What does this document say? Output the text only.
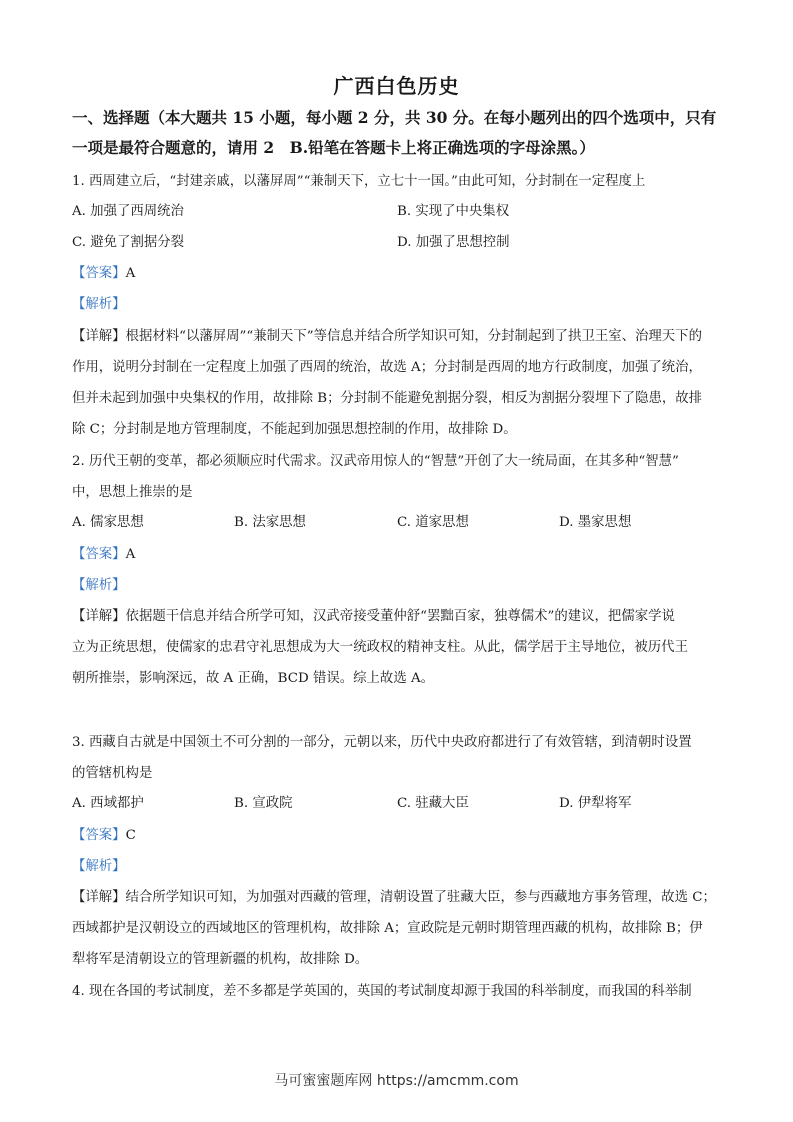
广西白色历史
一、选择题（本大题共 15 小题，每小题 2 分，共 30 分。在每小题列出的四个选项中，只有
一项是最符合题意的，请用 2　B.铅笔在答题卡上将正确选项的字母涂黑。）
1. 西周建立后，“封建亲戚，以藩屏周”“兼制天下，立七十一国。”由此可知，分封制在一定程度上
A. 加强了西周统治	B. 实现了中央集权
C. 避免了割据分裂	D. 加强了思想控制
【答案】A
【解析】
【详解】根据材料“以藩屏周”“兼制天下”等信息并结合所学知识可知，分封制起到了拱卫王室、治理天下的
作用，说明分封制在一定程度上加强了西周的统治，故选 A；分封制是西周的地方行政制度，加强了统治，
但并未起到加强中央集权的作用，故排除 B；分封制不能避免割据分裂，相反为割据分裂埋下了隐患，故排
除 C；分封制是地方管理制度，不能起到加强思想控制的作用，故排除 D。
2. 历代王朝的变革，都必须顺应时代需求。汉武帝用惊人的“智慧”开创了大一统局面，在其多种“智慧”
中，思想上推崇的是
A. 儒家思想	B. 法家思想	C. 道家思想	D. 墨家思想
【答案】A
【解析】
【详解】依据题干信息并结合所学可知，汉武帝接受董仲舒“罢黜百家，独尊儒术”的建议，把儒家学说
立为正统思想，使儒家的忠君守礼思想成为大一统政权的精神支柱。从此，儒学居于主导地位，被历代王
朝所推崇，影响深远，故 A 正确，BCD 错误。综上故选 A。
3. 西藏自古就是中国领土不可分割的一部分，元朝以来，历代中央政府都进行了有效管辖，到清朝时设置
的管辖机构是
A. 西域都护	B. 宣政院	C. 驻藏大臣	D. 伊犁将军
【答案】C
【解析】
【详解】结合所学知识可知，为加强对西藏的管理，清朝设置了驻藏大臣，参与西藏地方事务管理，故选 C；
西域都护是汉朝设立的西域地区的管理机构，故排除 A；宣政院是元朝时期管理西藏的机构，故排除 B；伊
犁将军是清朝设立的管理新疆的机构，故排除 D。
4. 现在各国的考试制度，差不多都是学英国的，英国的考试制度却源于我国的科举制度，而我国的科举制
马可蜜蜜题库网 https://amcmm.com
